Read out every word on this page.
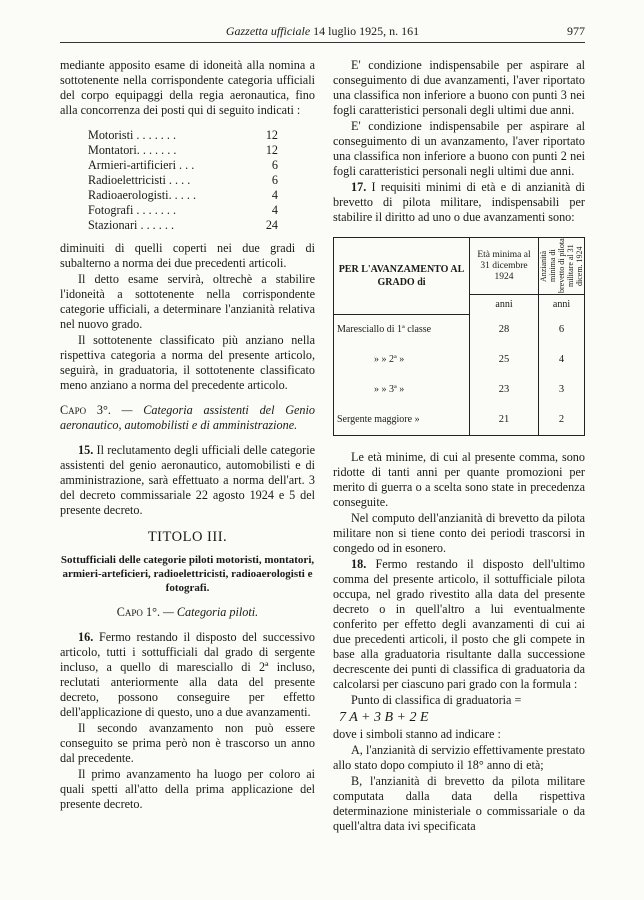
Gazzetta ufficiale 14 luglio 1925, n. 161	977

mediante apposito esame di idoneità alla nomina a sottotenente nella corrispondente categoria ufficiali del corpo equipaggi della regia aeronautica, fino alla concorrenza dei posti qui di seguito indicati :

Motoristi . . . . . . .	12
Montatori. . . . . . .	12
Armieri-artificieri . . .	6
Radioelettricisti . . . .	6
Radioaerologisti. . . . .	4
Fotografi . . . . . . .	4
Stazionari . . . . . .	24

diminuiti di quelli coperti nei due gradi di subalterno a norma dei due precedenti articoli.

Il detto esame servirà, oltrechè a stabilire l'idoneità a sottotenente nella corrispondente categorie ufficiali, a determinare l'anzianità relativa nel nuovo grado.

Il sottotenente classificato più anziano nella rispettiva categoria a norma del presente articolo, seguirà, in graduatoria, il sottotenente classificato meno anziano a norma del precedente articolo.

Capo 3°. — Categoria assistenti del Genio aeronautico, automobilisti e di amministrazione.

15. Il reclutamento degli ufficiali delle categorie assistenti del genio aeronautico, automobilisti e di amministrazione, sarà effettuato a norma dell'art. 3 del decreto commissariale 22 agosto 1924 e 5 del presente decreto.

TITOLO III.
Sottufficiali delle categorie piloti motoristi, montatori, armieri-arteficieri, radioelettricisti, radioaerologisti e fotografi.
Capo 1°. — Categoria piloti.

16. Fermo restando il disposto del successivo articolo, tutti i sottufficiali dal grado di sergente incluso, a quello di maresciallo di 2ª incluso, reclutati anteriormente alla data del presente decreto, possono conseguire per effetto dell'applicazione di questo, uno a due avanzamenti.

Il secondo avanzamento non può essere conseguito se prima però non è trascorso un anno dal precedente.

Il primo avanzamento ha luogo per coloro ai quali spetti all'atto della prima applicazione del presente decreto.

E' condizione indispensabile per aspirare al conseguimento di due avanzamenti, l'aver riportato una classifica non inferiore a buono con punti 3 nei fogli caratteristici personali degli ultimi due anni.

E' condizione indispensabile per aspirare al conseguimento di un avanzamento, l'aver riportato una classifica non inferiore a buono con punti 2 nei fogli caratteristici personali negli ultimi due anni.

17. I requisiti minimi di età e di anzianità di brevetto di pilota militare, indispensabili per stabilire il diritto ad uno o due avanzamenti sono:

PER L'AVANZAMENTO AL GRADO di	Età minima al 31 dicembre 1924	Anzianità minima di brevetto di pilota militare al 31 dicem. 1924

	anni	anni
Maresciallo di 1ª classe	28	6
» » 2ª »	25	4
» » 3ª »	23	3
Sergente maggiore »	21	2

Le età minime, di cui al presente comma, sono ridotte di tanti anni per quante promozioni per merito di guerra o a scelta sono state in precedenza conseguite.

Nel computo dell'anzianità di brevetto da pilota militare non si tiene conto dei periodi trascorsi in congedo od in esonero.

18. Fermo restando il disposto dell'ultimo comma del presente articolo, il sottufficiale pilota occupa, nel grado rivestito alla data del presente decreto o in quell'altro a lui eventualmente conferito per effetto degli avanzamenti di cui ai due precedenti articoli, il posto che gli compete in base alla graduatoria risultante dalla successione decrescente dei punti di classifica di graduatoria da calcolarsi per ciascuno pari grado con la formula :

Punto di classifica di graduatoria =

7 A + 3 B + 2 E

dove i simboli stanno ad indicare :

A, l'anzianità di servizio effettivamente prestato allo stato dopo compiuto il 18° anno di età;

B, l'anzianità di brevetto da pilota militare computata dalla data della rispettiva determinazione ministeriale o commissariale o da quell'altra data ivi specificata
